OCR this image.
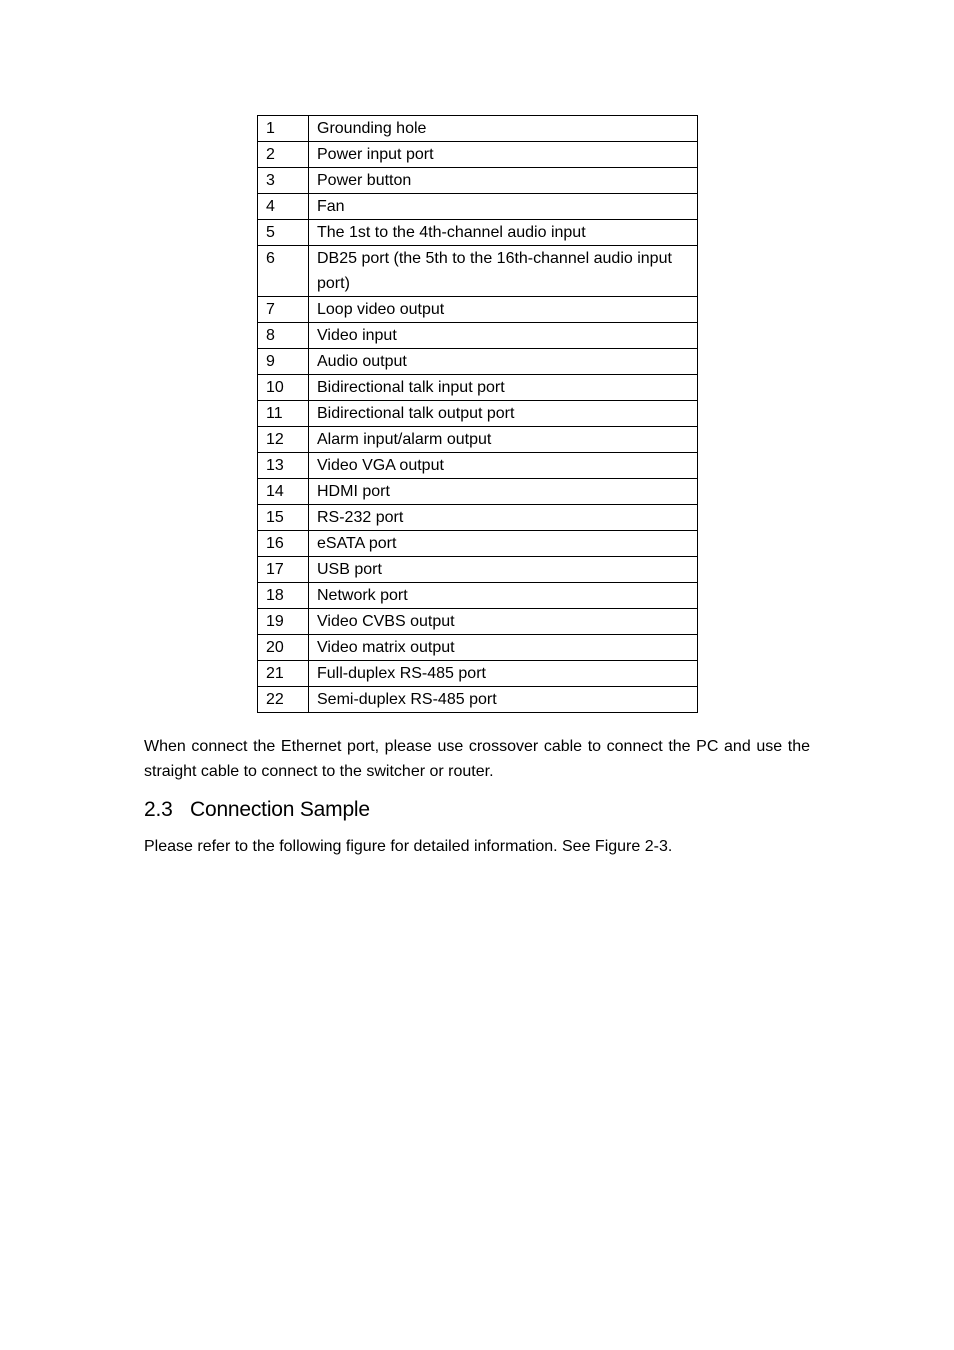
1	Grounding hole
2	Power input port
3	Power button
4	Fan
5	The 1st to the 4th-channel audio input
6	DB25 port (the 5th to the 16th-channel audio input port)
7	Loop video output
8	Video input
9	Audio output
10	Bidirectional talk input port
11	Bidirectional talk output port
12	Alarm input/alarm output
13	Video VGA output
14	HDMI port
15	RS-232 port
16	eSATA port
17	USB port
18	Network port
19	Video CVBS output
20	Video matrix output
21	Full-duplex RS-485 port
22	Semi-duplex RS-485 port

When connect the Ethernet port, please use crossover cable to connect the PC and use the straight cable to connect to the switcher or router.

2.3 Connection Sample

Please refer to the following figure for detailed information. See Figure 2-3.
